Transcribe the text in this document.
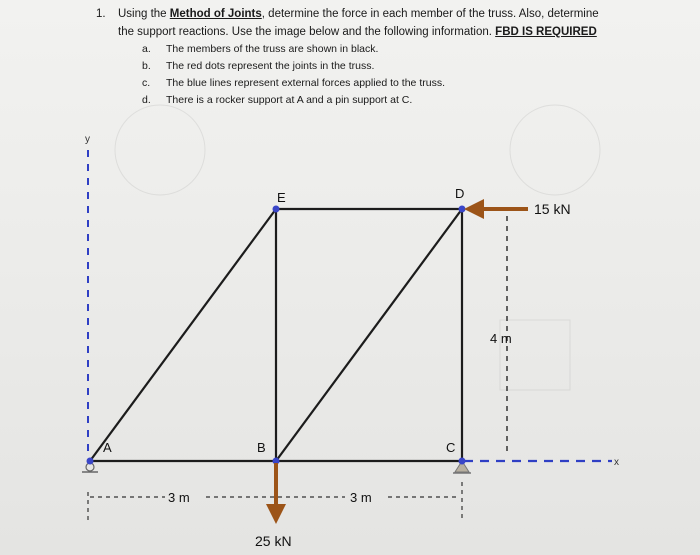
1.	Using the Method of Joints, determine the force in each member of the truss. Also, determine
the support reactions. Use the image below and the following information. FBD IS REQUIRED
a.	The members of the truss are shown in black.
b.	The red dots represent the joints in the truss.
c.	The blue lines represent external forces applied to the truss.
d.	There is a rocker support at A and a pin support at C.
y
x
A	B	C
D
E
15 kN
25 kN
4 m
3 m	3 m
